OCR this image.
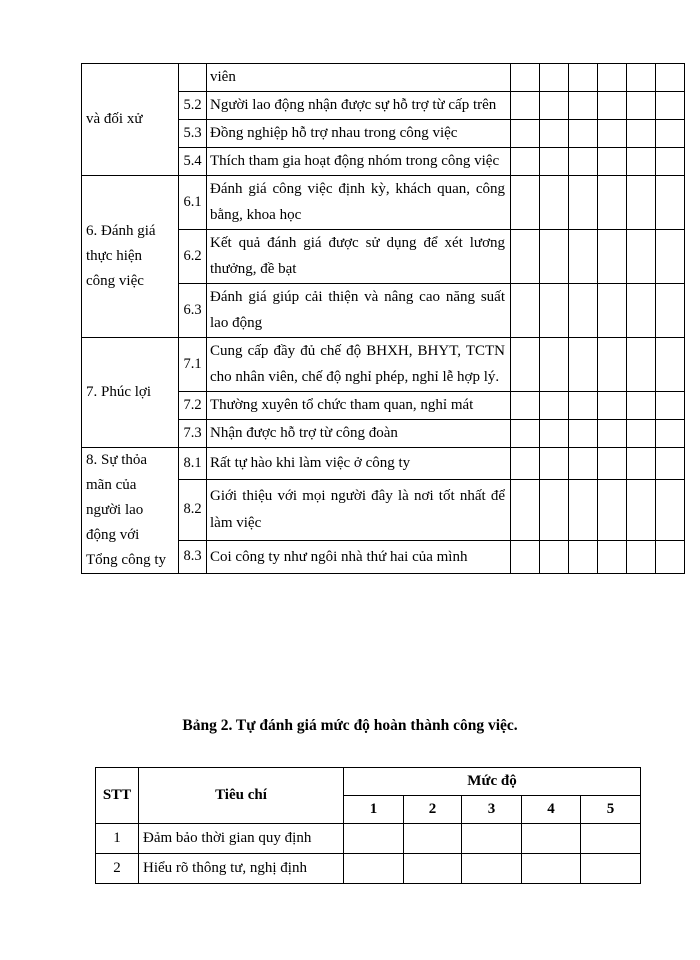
và đối xử		viên						
	5.2	Người lao động nhận được sự hỗ trợ từ cấp trên						
	5.3	Đồng nghiệp hỗ trợ nhau trong công việc						
	5.4	Thích tham gia hoạt động nhóm trong công việc						
6. Đánh giá thực hiện công việc	6.1	Đánh giá công việc định kỳ, khách quan, công bằng, khoa học						
	6.2	Kết quả đánh giá được sử dụng để xét lương thưởng, đề bạt						
	6.3	Đánh giá giúp cải thiện và nâng cao năng suất lao động						
7. Phúc lợi	7.1	Cung cấp đầy đủ chế độ BHXH, BHYT, TCTN cho nhân viên, chế độ nghỉ phép, nghỉ lễ hợp lý.						
	7.2	Thường xuyên tổ chức tham quan, nghỉ mát						
	7.3	Nhận được hỗ trợ từ công đoàn						
8. Sự thỏa mãn của người lao động với Tổng công ty	8.1	Rất tự hào khi làm việc ở công ty						
	8.2	Giới thiệu với mọi người đây là nơi tốt nhất để làm việc						
	8.3	Coi công ty như ngôi nhà thứ hai của mình						
Bảng 2. Tự đánh giá mức độ hoàn thành công việc.
STT	Tiêu chí	Mức độ				
		1	2	3	4	5
1	Đảm bảo thời gian quy định					
2	Hiểu rõ thông tư, nghị định					
